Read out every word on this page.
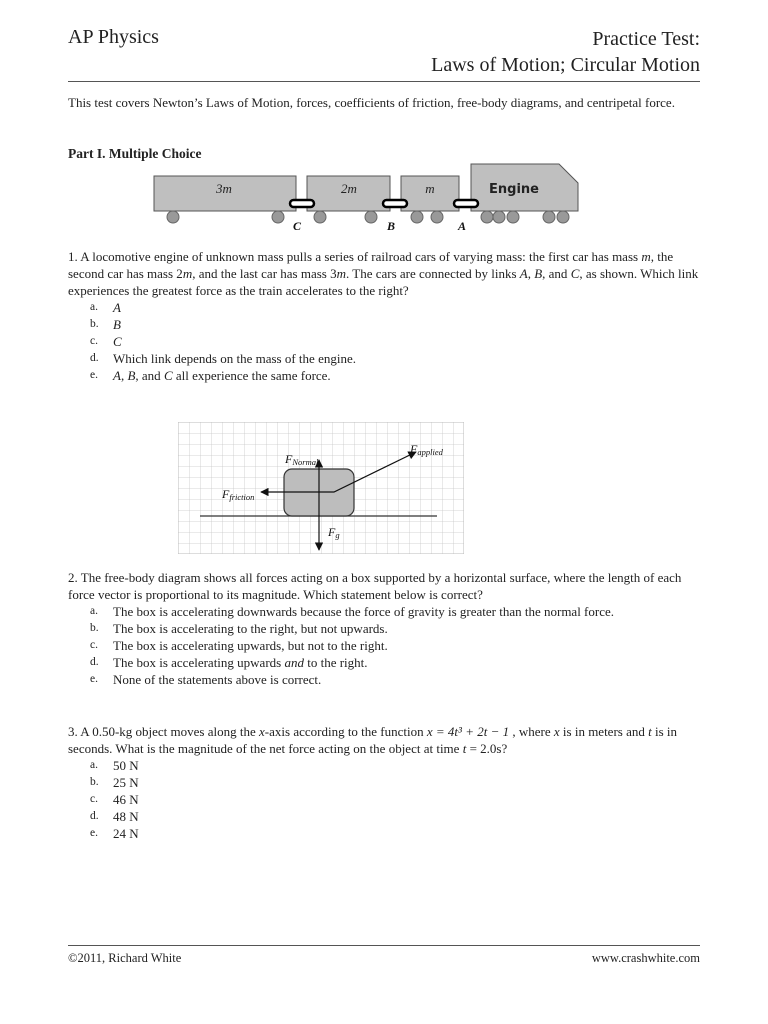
AP Physics	Practice Test:
Laws of Motion; Circular Motion
This test covers Newton’s Laws of Motion, forces, coefficients of friction, free-body diagrams, and centripetal force.
Part I. Multiple Choice
3m	2m	m	Engine
C	B	A

1. A locomotive engine of unknown mass pulls a series of railroad cars of varying mass: the first car has mass m, the second car has mass 2m, and the last car has mass 3m. The cars are connected by links A, B, and C, as shown. Which link experiences the greatest force as the train accelerates to the right?

a. A
b. B
c. C
d. Which link depends on the mass of the engine.
e. A, B, and C all experience the same force.
FNormal
Fapplied
Ffriction
Fg

2. The free-body diagram shows all forces acting on a box supported by a horizontal surface, where the length of each force vector is proportional to its magnitude. Which statement below is correct?

a. The box is accelerating downwards because the force of gravity is greater than the normal force.
b. The box is accelerating to the right, but not upwards.
c. The box is accelerating upwards, but not to the right.
d. The box is accelerating upwards and to the right.
e. None of the statements above is correct.

3. A 0.50-kg object moves along the x-axis according to the function x = 4t³ + 2t − 1 , where x is in meters and t is in seconds. What is the magnitude of the net force acting on the object at time t = 2.0s?

a. 50 N
b. 25 N
c. 46 N
d. 48 N
e. 24 N
©2011, Richard White	www.crashwhite.com
